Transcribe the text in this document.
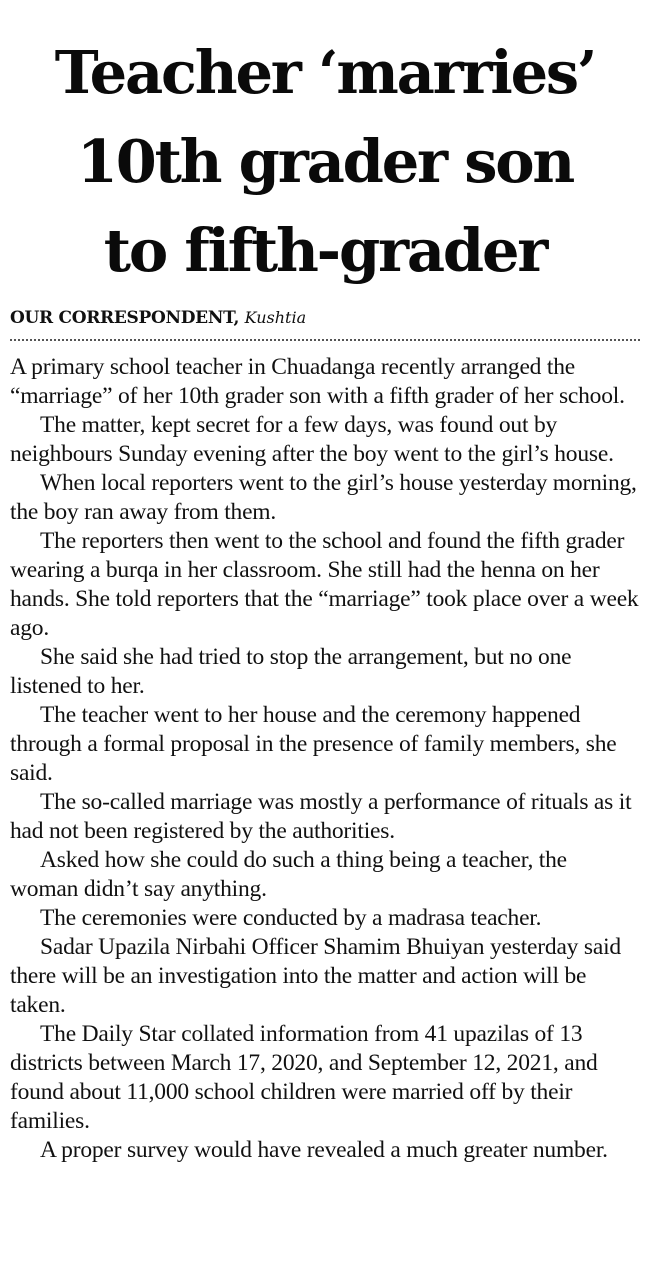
Teacher ‘marries’
10th grader son
to fifth-grader
OUR CORRESPONDENT, Kushtia

A primary school teacher in Chuadanga recently arranged the “marriage” of her 10th grader son with a fifth grader of her school.

The matter, kept secret for a few days, was found out by neighbours Sunday evening after the boy went to the girl’s house.

When local reporters went to the girl’s house yesterday morning, the boy ran away from them.

The reporters then went to the school and found the fifth grader wearing a burqa in her classroom. She still had the henna on her hands. She told reporters that the “marriage” took place over a week ago.

She said she had tried to stop the arrangement, but no one listened to her.

The teacher went to her house and the ceremony happened through a formal proposal in the presence of family members, she said.

The so-called marriage was mostly a performance of rituals as it had not been registered by the authorities.

Asked how she could do such a thing being a teacher, the woman didn’t say anything.

The ceremonies were conducted by a madrasa teacher.

Sadar Upazila Nirbahi Officer Shamim Bhuiyan yesterday said there will be an investigation into the matter and action will be taken.

The Daily Star collated information from 41 upazilas of 13 districts between March 17, 2020, and September 12, 2021, and found about 11,000 school children were married off by their families.

A proper survey would have revealed a much greater number.
